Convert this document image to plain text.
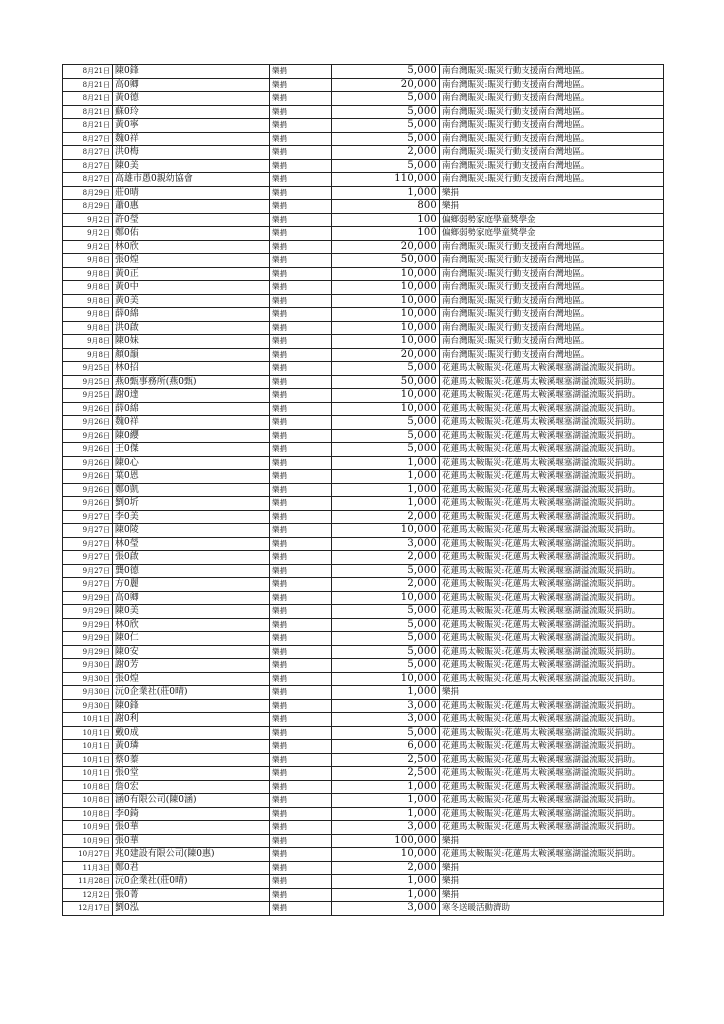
8月21日	陳0鋒	樂捐	5,000	南台灣賑災:賑災行動支援南台灣地區。
8月21日	高0卿	樂捐	20,000	南台灣賑災:賑災行動支援南台灣地區。
8月21日	黃0德	樂捐	5,000	南台灣賑災:賑災行動支援南台灣地區。
8月21日	蘇0玲	樂捐	5,000	南台灣賑災:賑災行動支援南台灣地區。
8月21日	黃0寧	樂捐	5,000	南台灣賑災:賑災行動支援南台灣地區。
8月27日	魏0祥	樂捐	5,000	南台灣賑災:賑災行動支援南台灣地區。
8月27日	洪0梅	樂捐	2,000	南台灣賑災:賑災行動支援南台灣地區。
8月27日	陳0美	樂捐	5,000	南台灣賑災:賑災行動支援南台灣地區。
8月27日	高雄市愚0親幼協會	樂捐	110,000	南台灣賑災:賑災行動支援南台灣地區。
8月29日	莊0晴	樂捐	1,000	樂捐
8月29日	蕭0惠	樂捐	800	樂捐
9月2日	許0瑩	樂捐	100	偏鄉弱勢家庭學童獎學金
9月2日	鄭0佑	樂捐	100	偏鄉弱勢家庭學童獎學金
9月2日	林0欣	樂捐	20,000	南台灣賑災:賑災行動支援南台灣地區。
9月8日	張0煌	樂捐	50,000	南台灣賑災:賑災行動支援南台灣地區。
9月8日	黃0正	樂捐	10,000	南台灣賑災:賑災行動支援南台灣地區。
9月8日	黃0中	樂捐	10,000	南台灣賑災:賑災行動支援南台灣地區。
9月8日	黃0美	樂捐	10,000	南台灣賑災:賑災行動支援南台灣地區。
9月8日	薛0綿	樂捐	10,000	南台灣賑災:賑災行動支援南台灣地區。
9月8日	洪0啟	樂捐	10,000	南台灣賑災:賑災行動支援南台灣地區。
9月8日	陳0妹	樂捐	10,000	南台灣賑災:賑災行動支援南台灣地區。
9月8日	顏0韻	樂捐	20,000	南台灣賑災:賑災行動支援南台灣地區。
9月25日	林0招	樂捐	5,000	花蓮馬太鞍賑災:花蓮馬太鞍溪堰塞湖溢流賑災捐助。
9月25日	燕0甄事務所(燕0甄)	樂捐	50,000	花蓮馬太鞍賑災:花蓮馬太鞍溪堰塞湖溢流賑災捐助。
9月25日	謝0達	樂捐	10,000	花蓮馬太鞍賑災:花蓮馬太鞍溪堰塞湖溢流賑災捐助。
9月26日	薛0綿	樂捐	10,000	花蓮馬太鞍賑災:花蓮馬太鞍溪堰塞湖溢流賑災捐助。
9月26日	魏0祥	樂捐	5,000	花蓮馬太鞍賑災:花蓮馬太鞍溪堰塞湖溢流賑災捐助。
9月26日	陳0纓	樂捐	5,000	花蓮馬太鞍賑災:花蓮馬太鞍溪堰塞湖溢流賑災捐助。
9月26日	王0傑	樂捐	5,000	花蓮馬太鞍賑災:花蓮馬太鞍溪堰塞湖溢流賑災捐助。
9月26日	陳0心	樂捐	1,000	花蓮馬太鞍賑災:花蓮馬太鞍溪堰塞湖溢流賑災捐助。
9月26日	葉0恩	樂捐	1,000	花蓮馬太鞍賑災:花蓮馬太鞍溪堰塞湖溢流賑災捐助。
9月26日	鄭0凱	樂捐	1,000	花蓮馬太鞍賑災:花蓮馬太鞍溪堰塞湖溢流賑災捐助。
9月26日	劉0圻	樂捐	1,000	花蓮馬太鞍賑災:花蓮馬太鞍溪堰塞湖溢流賑災捐助。
9月27日	李0美	樂捐	2,000	花蓮馬太鞍賑災:花蓮馬太鞍溪堰塞湖溢流賑災捐助。
9月27日	陳0陵	樂捐	10,000	花蓮馬太鞍賑災:花蓮馬太鞍溪堰塞湖溢流賑災捐助。
9月27日	林0瑩	樂捐	3,000	花蓮馬太鞍賑災:花蓮馬太鞍溪堰塞湖溢流賑災捐助。
9月27日	張0啟	樂捐	2,000	花蓮馬太鞍賑災:花蓮馬太鞍溪堰塞湖溢流賑災捐助。
9月27日	龔0德	樂捐	5,000	花蓮馬太鞍賑災:花蓮馬太鞍溪堰塞湖溢流賑災捐助。
9月27日	方0麗	樂捐	2,000	花蓮馬太鞍賑災:花蓮馬太鞍溪堰塞湖溢流賑災捐助。
9月29日	高0卿	樂捐	10,000	花蓮馬太鞍賑災:花蓮馬太鞍溪堰塞湖溢流賑災捐助。
9月29日	陳0美	樂捐	5,000	花蓮馬太鞍賑災:花蓮馬太鞍溪堰塞湖溢流賑災捐助。
9月29日	林0欣	樂捐	5,000	花蓮馬太鞍賑災:花蓮馬太鞍溪堰塞湖溢流賑災捐助。
9月29日	陳0仁	樂捐	5,000	花蓮馬太鞍賑災:花蓮馬太鞍溪堰塞湖溢流賑災捐助。
9月29日	陳0安	樂捐	5,000	花蓮馬太鞍賑災:花蓮馬太鞍溪堰塞湖溢流賑災捐助。
9月30日	謝0芳	樂捐	5,000	花蓮馬太鞍賑災:花蓮馬太鞍溪堰塞湖溢流賑災捐助。
9月30日	張0煌	樂捐	10,000	花蓮馬太鞍賑災:花蓮馬太鞍溪堰塞湖溢流賑災捐助。
9月30日	沅0企業社(莊0晴)	樂捐	1,000	樂捐
9月30日	陳0鋒	樂捐	3,000	花蓮馬太鞍賑災:花蓮馬太鞍溪堰塞湖溢流賑災捐助。
10月1日	謝0利	樂捐	3,000	花蓮馬太鞍賑災:花蓮馬太鞍溪堰塞湖溢流賑災捐助。
10月1日	戴0成	樂捐	5,000	花蓮馬太鞍賑災:花蓮馬太鞍溪堰塞湖溢流賑災捐助。
10月1日	黃0璘	樂捐	6,000	花蓮馬太鞍賑災:花蓮馬太鞍溪堰塞湖溢流賑災捐助。
10月1日	蔡0蓁	樂捐	2,500	花蓮馬太鞍賑災:花蓮馬太鞍溪堰塞湖溢流賑災捐助。
10月1日	張0堂	樂捐	2,500	花蓮馬太鞍賑災:花蓮馬太鞍溪堰塞湖溢流賑災捐助。
10月8日	詹0宏	樂捐	1,000	花蓮馬太鞍賑災:花蓮馬太鞍溪堰塞湖溢流賑災捐助。
10月8日	涵0有限公司(陳0涵)	樂捐	1,000	花蓮馬太鞍賑災:花蓮馬太鞍溪堰塞湖溢流賑災捐助。
10月8日	李0錡	樂捐	1,000	花蓮馬太鞍賑災:花蓮馬太鞍溪堰塞湖溢流賑災捐助。
10月9日	張0華	樂捐	3,000	花蓮馬太鞍賑災:花蓮馬太鞍溪堰塞湖溢流賑災捐助。
10月9日	張0華	樂捐	100,000	樂捐
10月27日	兆0建設有限公司(陳0惠)	樂捐	10,000	花蓮馬太鞍賑災:花蓮馬太鞍溪堰塞湖溢流賑災捐助。
11月3日	鄭0君	樂捐	2,000	樂捐
11月28日	沅0企業社(莊0晴)	樂捐	1,000	樂捐
12月2日	張0菁	樂捐	1,000	樂捐
12月17日	劉0泓	樂捐	3,000	寒冬送暖活動濟助
